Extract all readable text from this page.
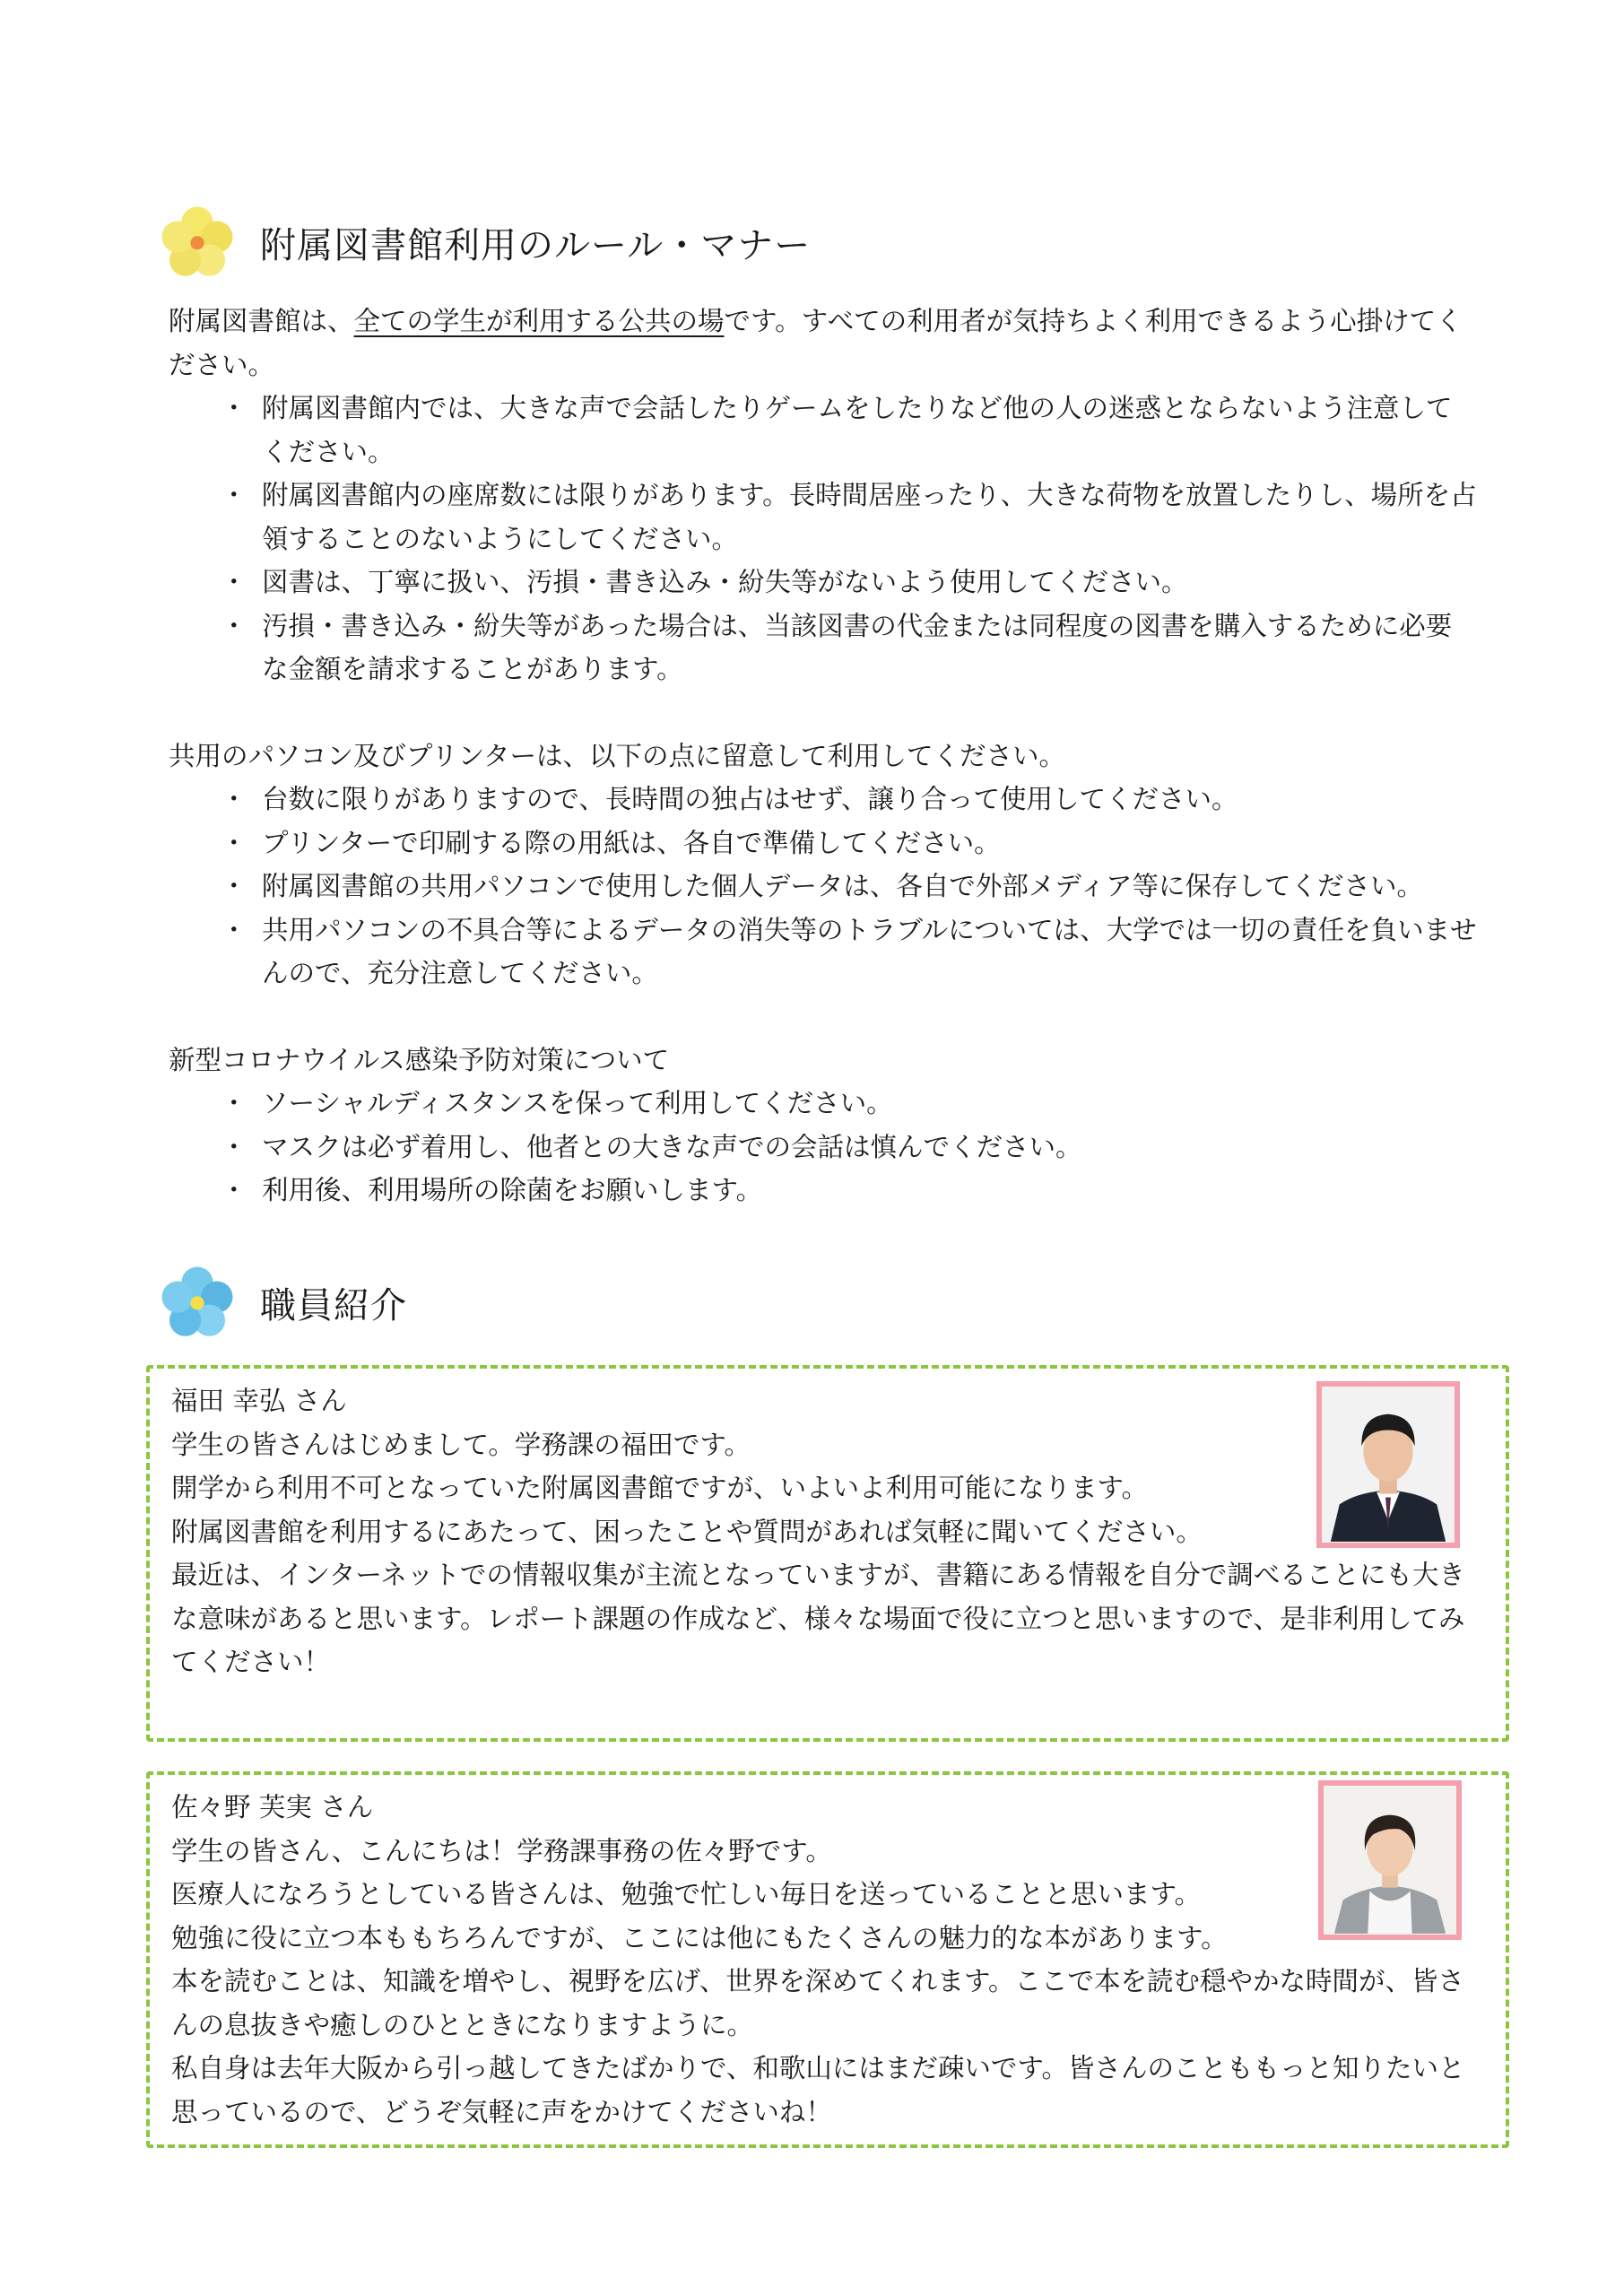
附属図書館利用のルール・マナー

附属図書館は、全ての学生が利用する公共の場です。すべての利用者が気持ちよく利用できるよう心掛けてください。

・ 附属図書館内では、大きな声で会話したりゲームをしたりなど他の人の迷惑とならないよう注意してください。
・ 附属図書館内の座席数には限りがあります。長時間居座ったり、大きな荷物を放置したりし、場所を占領することのないようにしてください。
・ 図書は、丁寧に扱い、汚損・書き込み・紛失等がないよう使用してください。
・ 汚損・書き込み・紛失等があった場合は、当該図書の代金または同程度の図書を購入するために必要な金額を請求することがあります。

共用のパソコン及びプリンターは、以下の点に留意して利用してください。

・ 台数に限りがありますので、長時間の独占はせず、譲り合って使用してください。
・ プリンターで印刷する際の用紙は、各自で準備してください。
・ 附属図書館の共用パソコンで使用した個人データは、各自で外部メディア等に保存してください。
・ 共用パソコンの不具合等によるデータの消失等のトラブルについては、大学では一切の責任を負いませんので、充分注意してください。

新型コロナウイルス感染予防対策について

・ ソーシャルディスタンスを保って利用してください。
・ マスクは必ず着用し、他者との大きな声での会話は慎んでください。
・ 利用後、利用場所の除菌をお願いします。
職員紹介

福田 幸弘 さん

学生の皆さんはじめまして。学務課の福田です。

開学から利用不可となっていた附属図書館ですが、いよいよ利用可能になります。

附属図書館を利用するにあたって、困ったことや質問があれば気軽に聞いてください。

最近は、インターネットでの情報収集が主流となっていますが、書籍にある情報を自分で調べることにも大きな意味があると思います。レポート課題の作成など、様々な場面で役に立つと思いますので、是非利用してみてください！

佐々野 芙実 さん

学生の皆さん、こんにちは！学務課事務の佐々野です。

医療人になろうとしている皆さんは、勉強で忙しい毎日を送っていることと思います。

勉強に役に立つ本ももちろんですが、ここには他にもたくさんの魅力的な本があります。

本を読むことは、知識を増やし、視野を広げ、世界を深めてくれます。ここで本を読む穏やかな時間が、皆さんの息抜きや癒しのひとときになりますように。

私自身は去年大阪から引っ越してきたばかりで、和歌山にはまだ疎いです。皆さんのことももっと知りたいと思っているので、どうぞ気軽に声をかけてくださいね！
